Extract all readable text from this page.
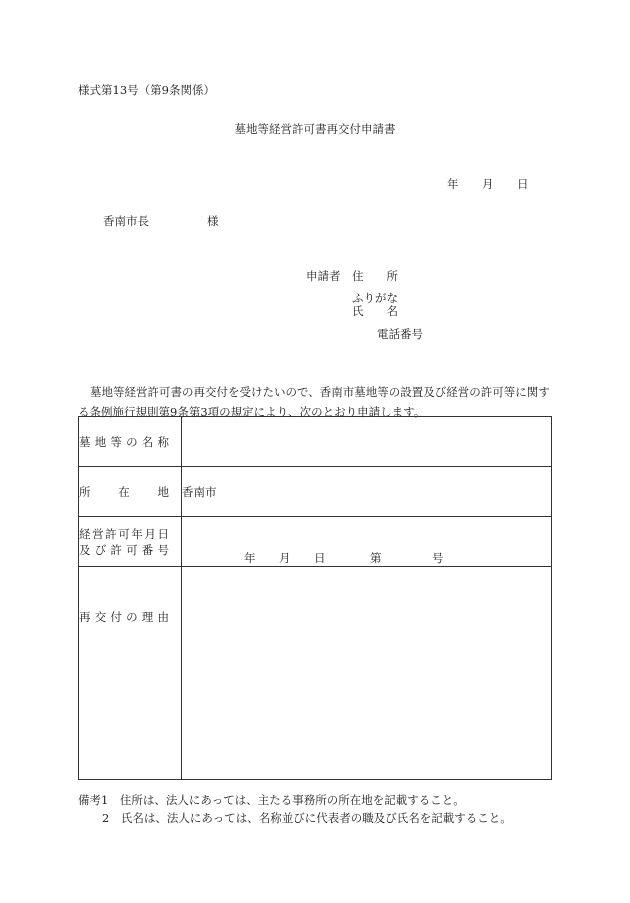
様式第13号（第9条関係）
墓地等経営許可書再交付申請書
年 月 日
香南市長	様
申請者 住　　所
ふりがな
氏　　名
電話番号
墓地等経営許可書の再交付を受けたいので、香南市墓地等の設置及び経営の許可等に関する条例施行規則第9条第3項の規定により、次のとおり申請します。
墓地等の名称	

所在地	香南市

経営許可年月日
及び許可番号	年 月 日 第 号

再交付の理由	

備考1　住所は、法人にあっては、主たる事務所の所在地を記載すること。
2　氏名は、法人にあっては、名称並びに代表者の職及び氏名を記載すること。
